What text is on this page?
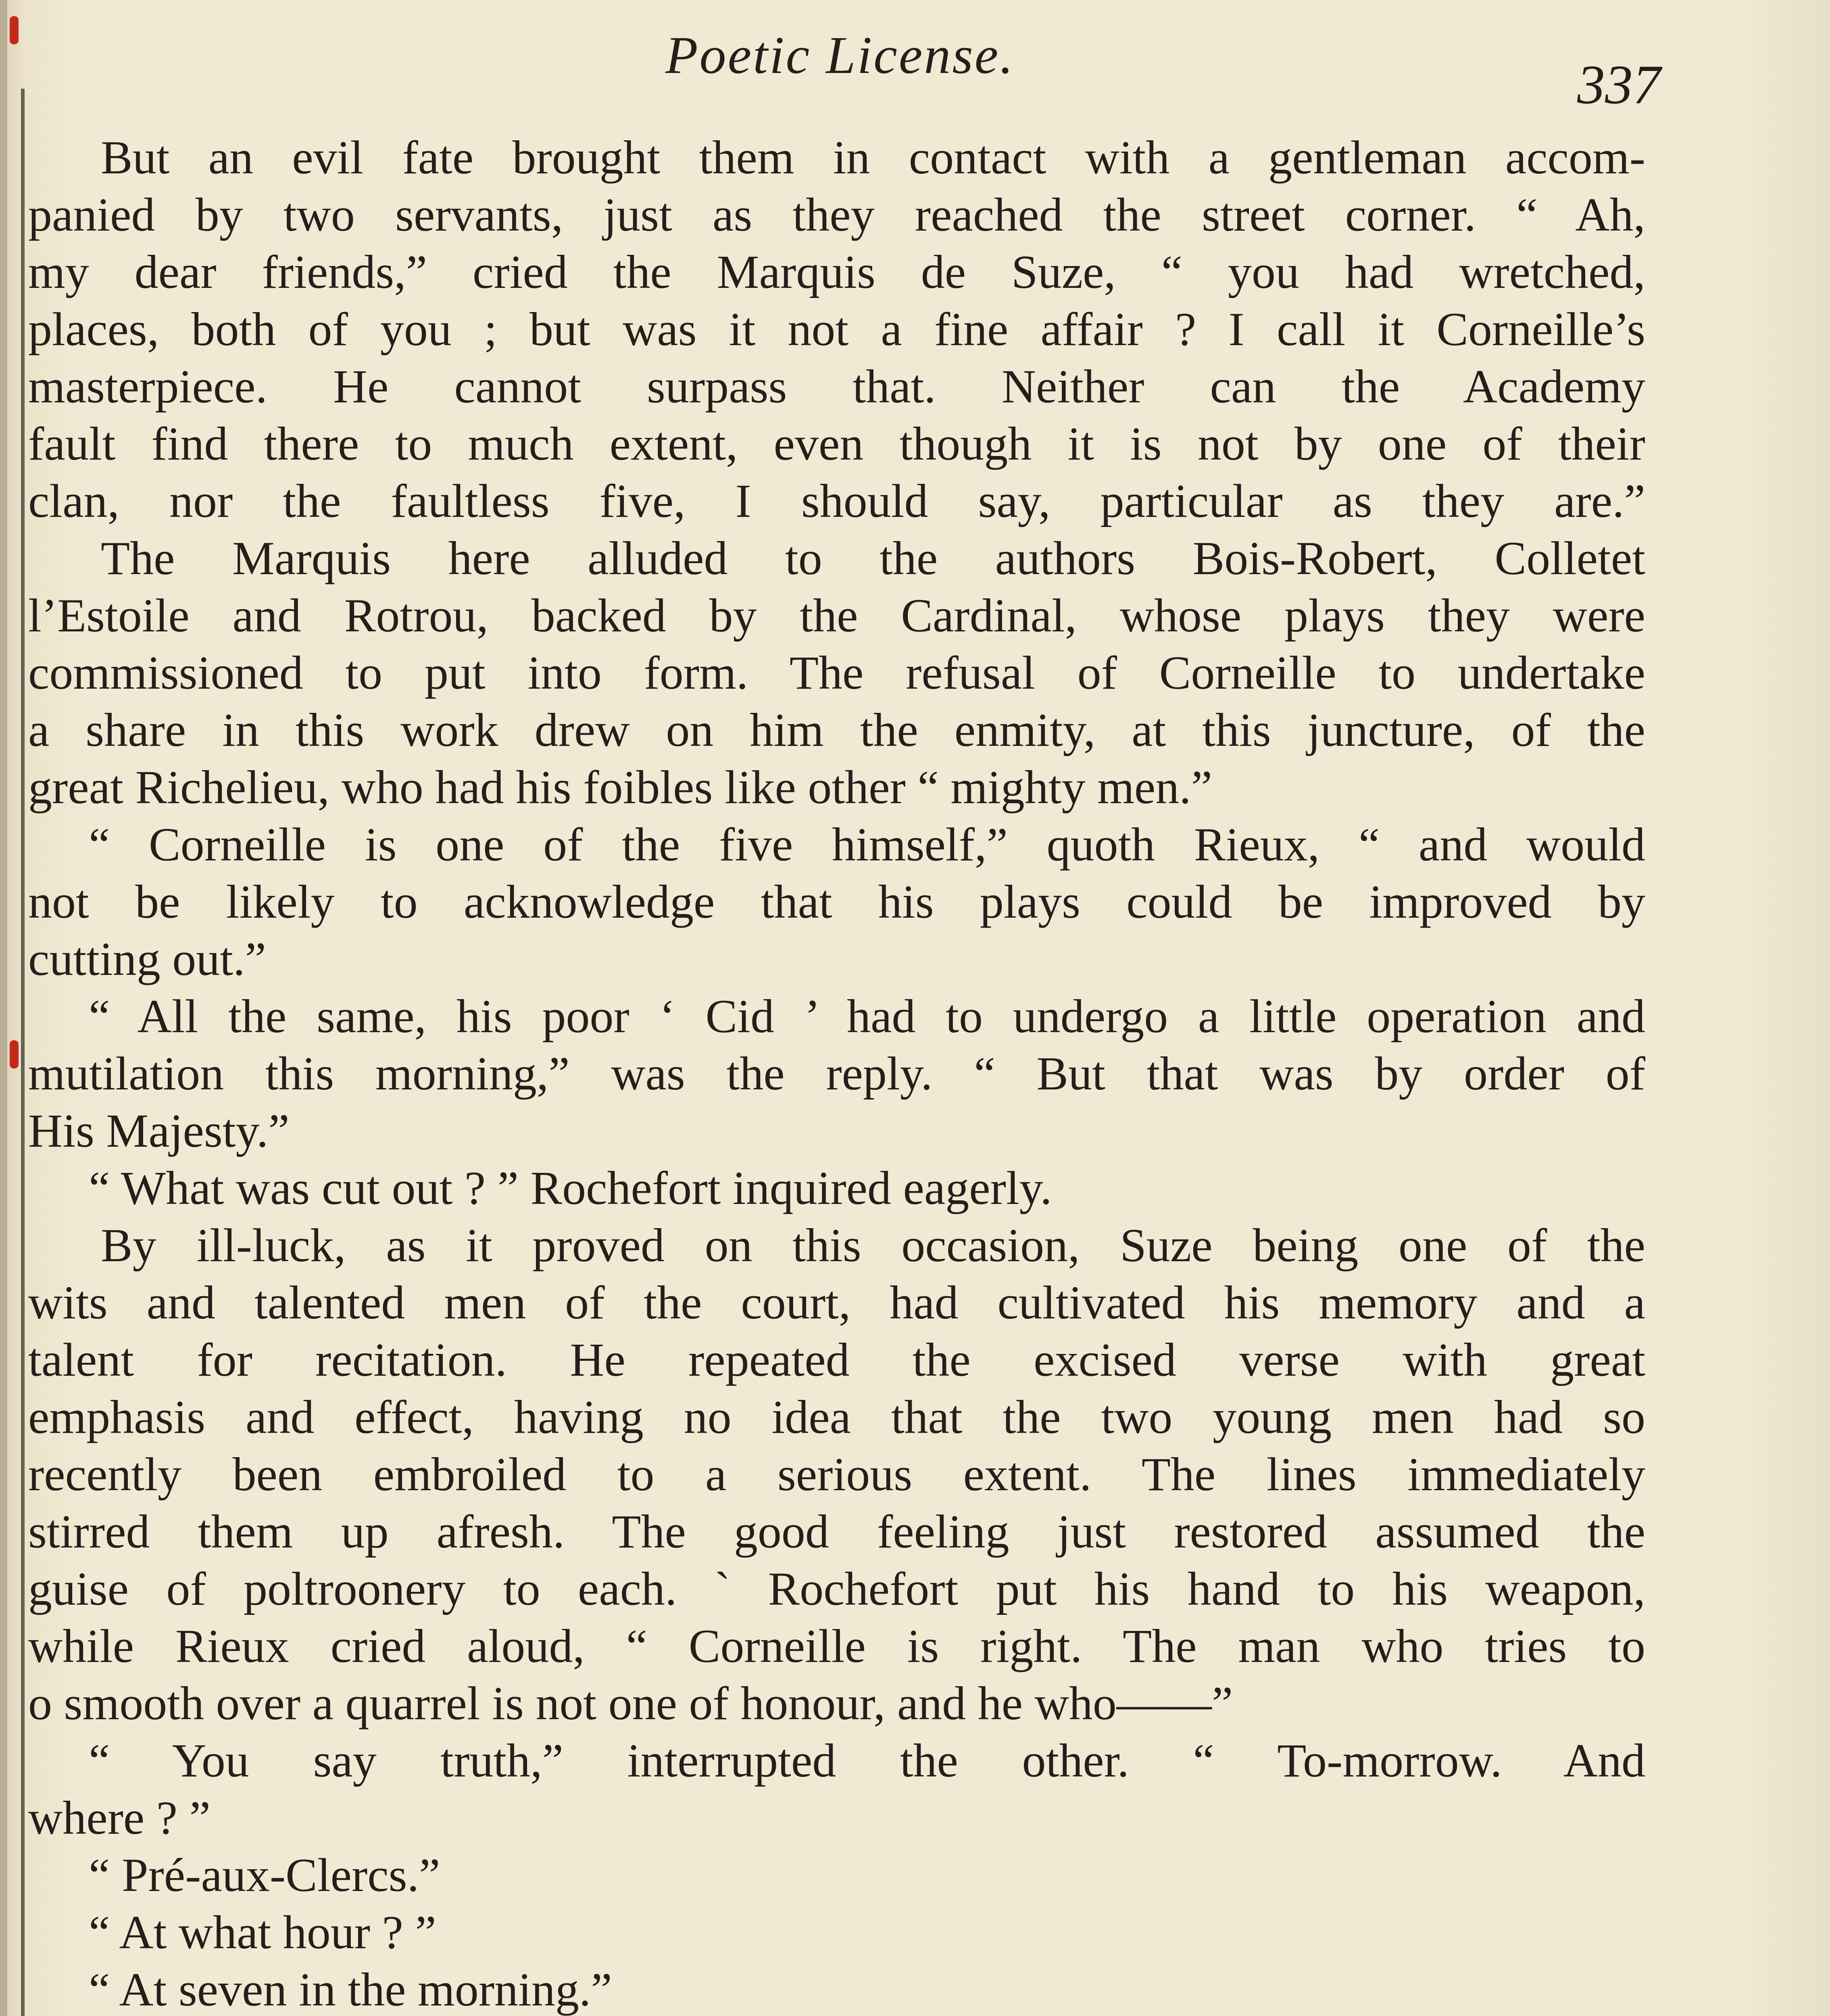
Poetic License.	337
But an evil fate brought them in contact with a gentleman accom-
panied by two servants, just as they reached the street corner. “ Ah,
my dear friends,” cried the Marquis de Suze, “ you had wretched,
places, both of you ; but was it not a fine affair ? I call it Corneille’s
masterpiece. He cannot surpass that. Neither can the Academy
fault find there to much extent, even though it is not by one of their
clan, nor the faultless five, I should say, particular as they are.”
The Marquis here alluded to the authors Bois-Robert, Colletet
l’Estoile and Rotrou, backed by the Cardinal, whose plays they were
commissioned to put into form. The refusal of Corneille to undertake
a share in this work drew on him the enmity, at this juncture, of the
great Richelieu, who had his foibles like other “ mighty men.”
“ Corneille is one of the five himself,” quoth Rieux, “ and would
not be likely to acknowledge that his plays could be improved by
cutting out.”
“ All the same, his poor ‘ Cid ’ had to undergo a little operation and
mutilation this morning,” was the reply. “ But that was by order of
His Majesty.”
“ What was cut out ? ” Rochefort inquired eagerly.
By ill-luck, as it proved on this occasion, Suze being one of the
wits and talented men of the court, had cultivated his memory and a
talent for recitation. He repeated the excised verse with great
emphasis and effect, having no idea that the two young men had so
recently been embroiled to a serious extent. The lines immediately
stirred them up afresh. The good feeling just restored assumed the
guise of poltroonery to each. ` Rochefort put his hand to his weapon,
while Rieux cried aloud, “ Corneille is right. The man who tries to
o smooth over a quarrel is not one of honour, and he who——”
“ You say truth,” interrupted the other. “ To-morrow. And
where ? ”
“ Pré-aux-Clercs.”
“ At what hour ? ”
“ At seven in the morning.”
